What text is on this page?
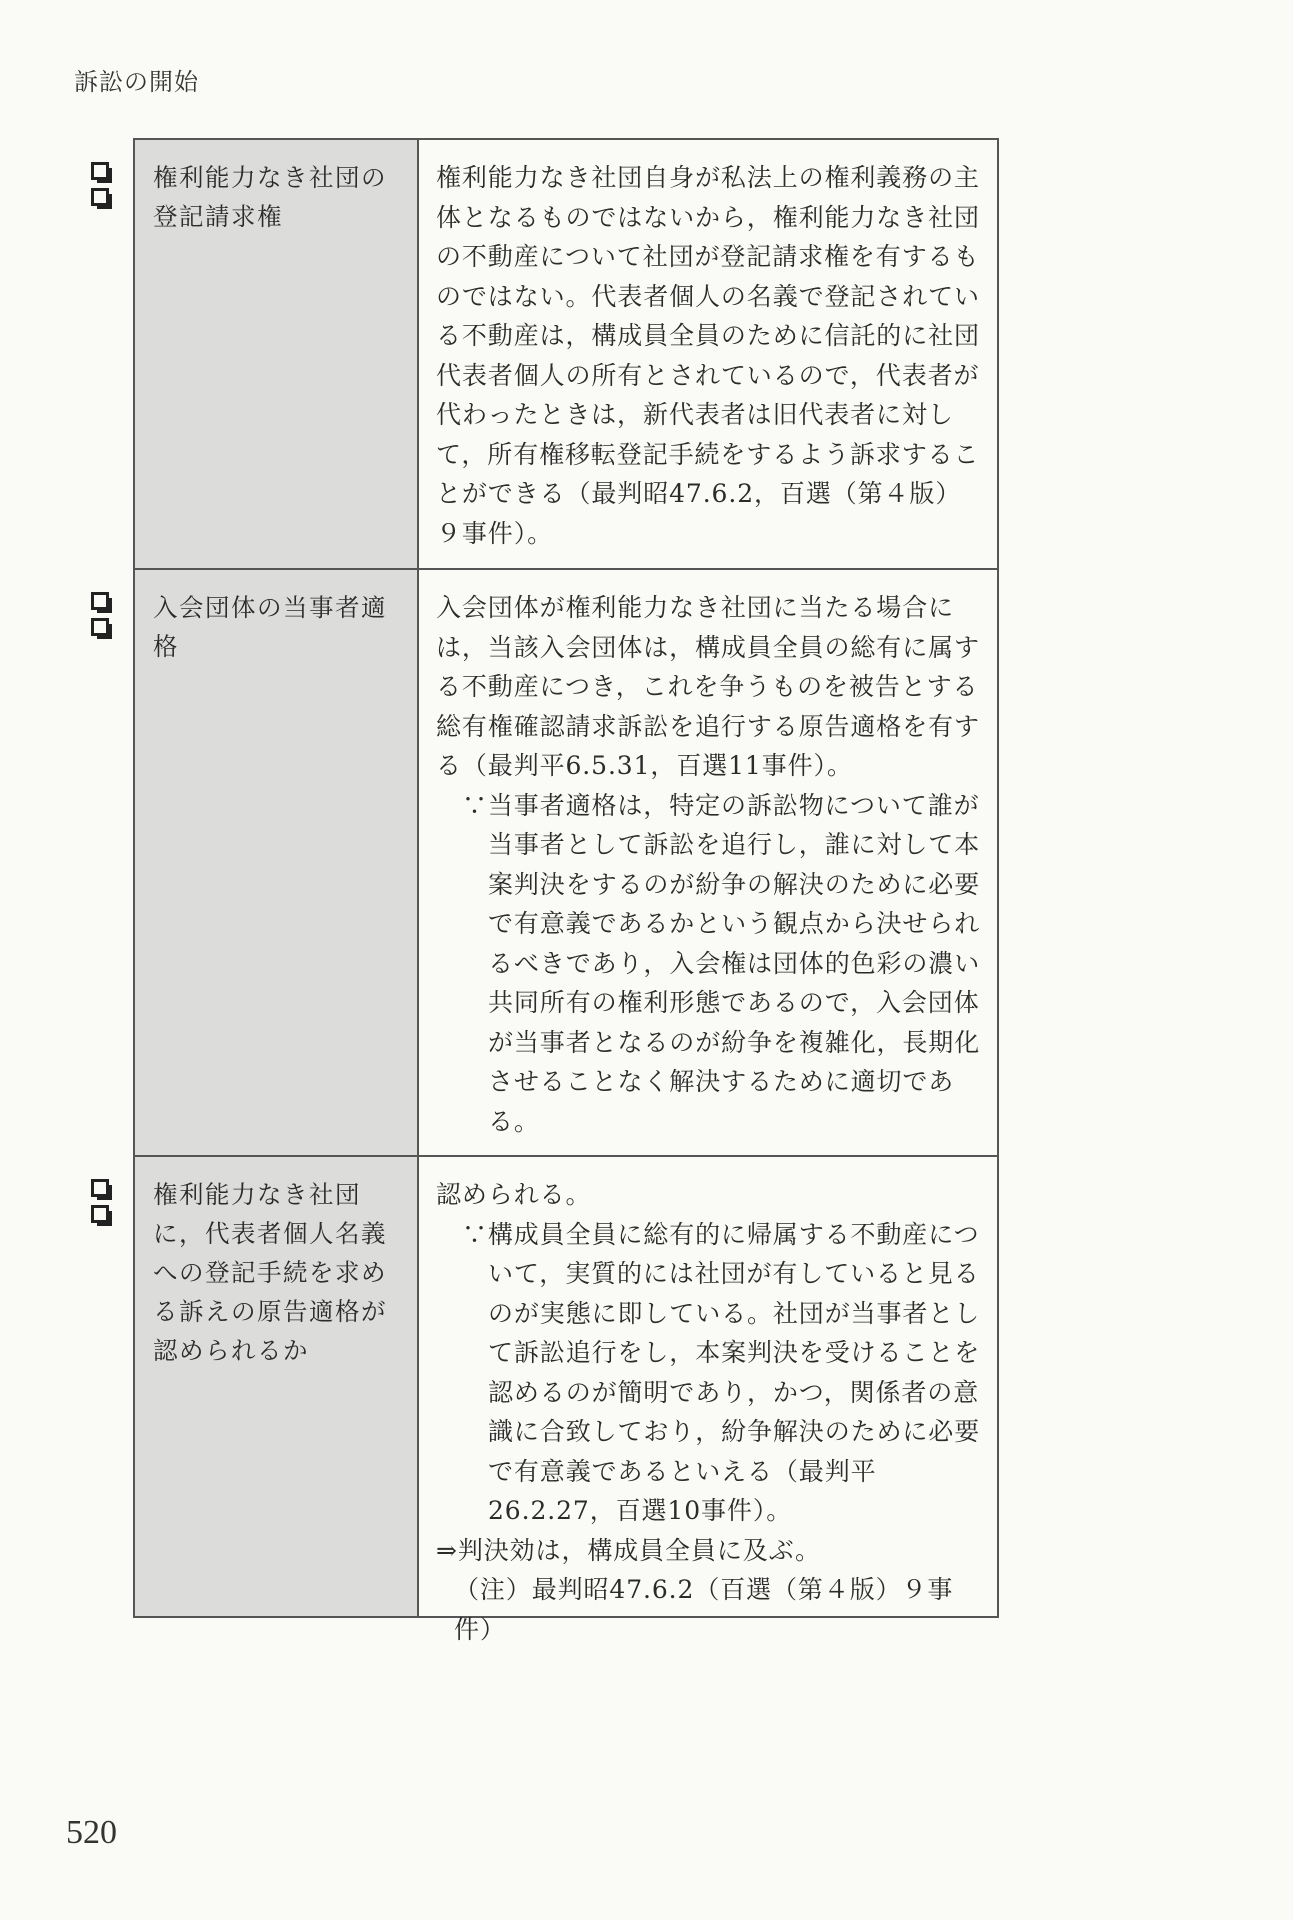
訴訟の開始
権利能力なき社団の登記請求権

権利能力なき社団自身が私法上の権利義務の主体となるものではないから，権利能力なき社団の不動産について社団が登記請求権を有するものではない。代表者個人の名義で登記されている不動産は，構成員全員のために信託的に社団代表者個人の所有とされているので，代表者が代わったときは，新代表者は旧代表者に対して，所有権移転登記手続をするよう訴求することができる（最判昭47.6.2，百選（第４版）９事件）。

入会団体の当事者適格

入会団体が権利能力なき社団に当たる場合には，当該入会団体は，構成員全員の総有に属する不動産につき，これを争うものを被告とする総有権確認請求訴訟を追行する原告適格を有する（最判平6.5.31，百選11事件）。

∵当事者適格は，特定の訴訟物について誰が当事者として訴訟を追行し，誰に対して本案判決をするのが紛争の解決のために必要で有意義であるかという観点から決せられるべきであり，入会権は団体的色彩の濃い共同所有の権利形態であるので，入会団体が当事者となるのが紛争を複雑化，長期化させることなく解決するために適切である。

権利能力なき社団に，代表者個人名義への登記手続を求める訴えの原告適格が認められるか

認められる。

∵構成員全員に総有的に帰属する不動産について，実質的には社団が有していると見るのが実態に即している。社団が当事者として訴訟追行をし，本案判決を受けることを認めるのが簡明であり，かつ，関係者の意識に合致しており，紛争解決のために必要で有意義であるといえる（最判平26.2.27，百選10事件）。

⇒判決効は，構成員全員に及ぶ。

（注）最判昭47.6.2（百選（第４版）９事件）

520
